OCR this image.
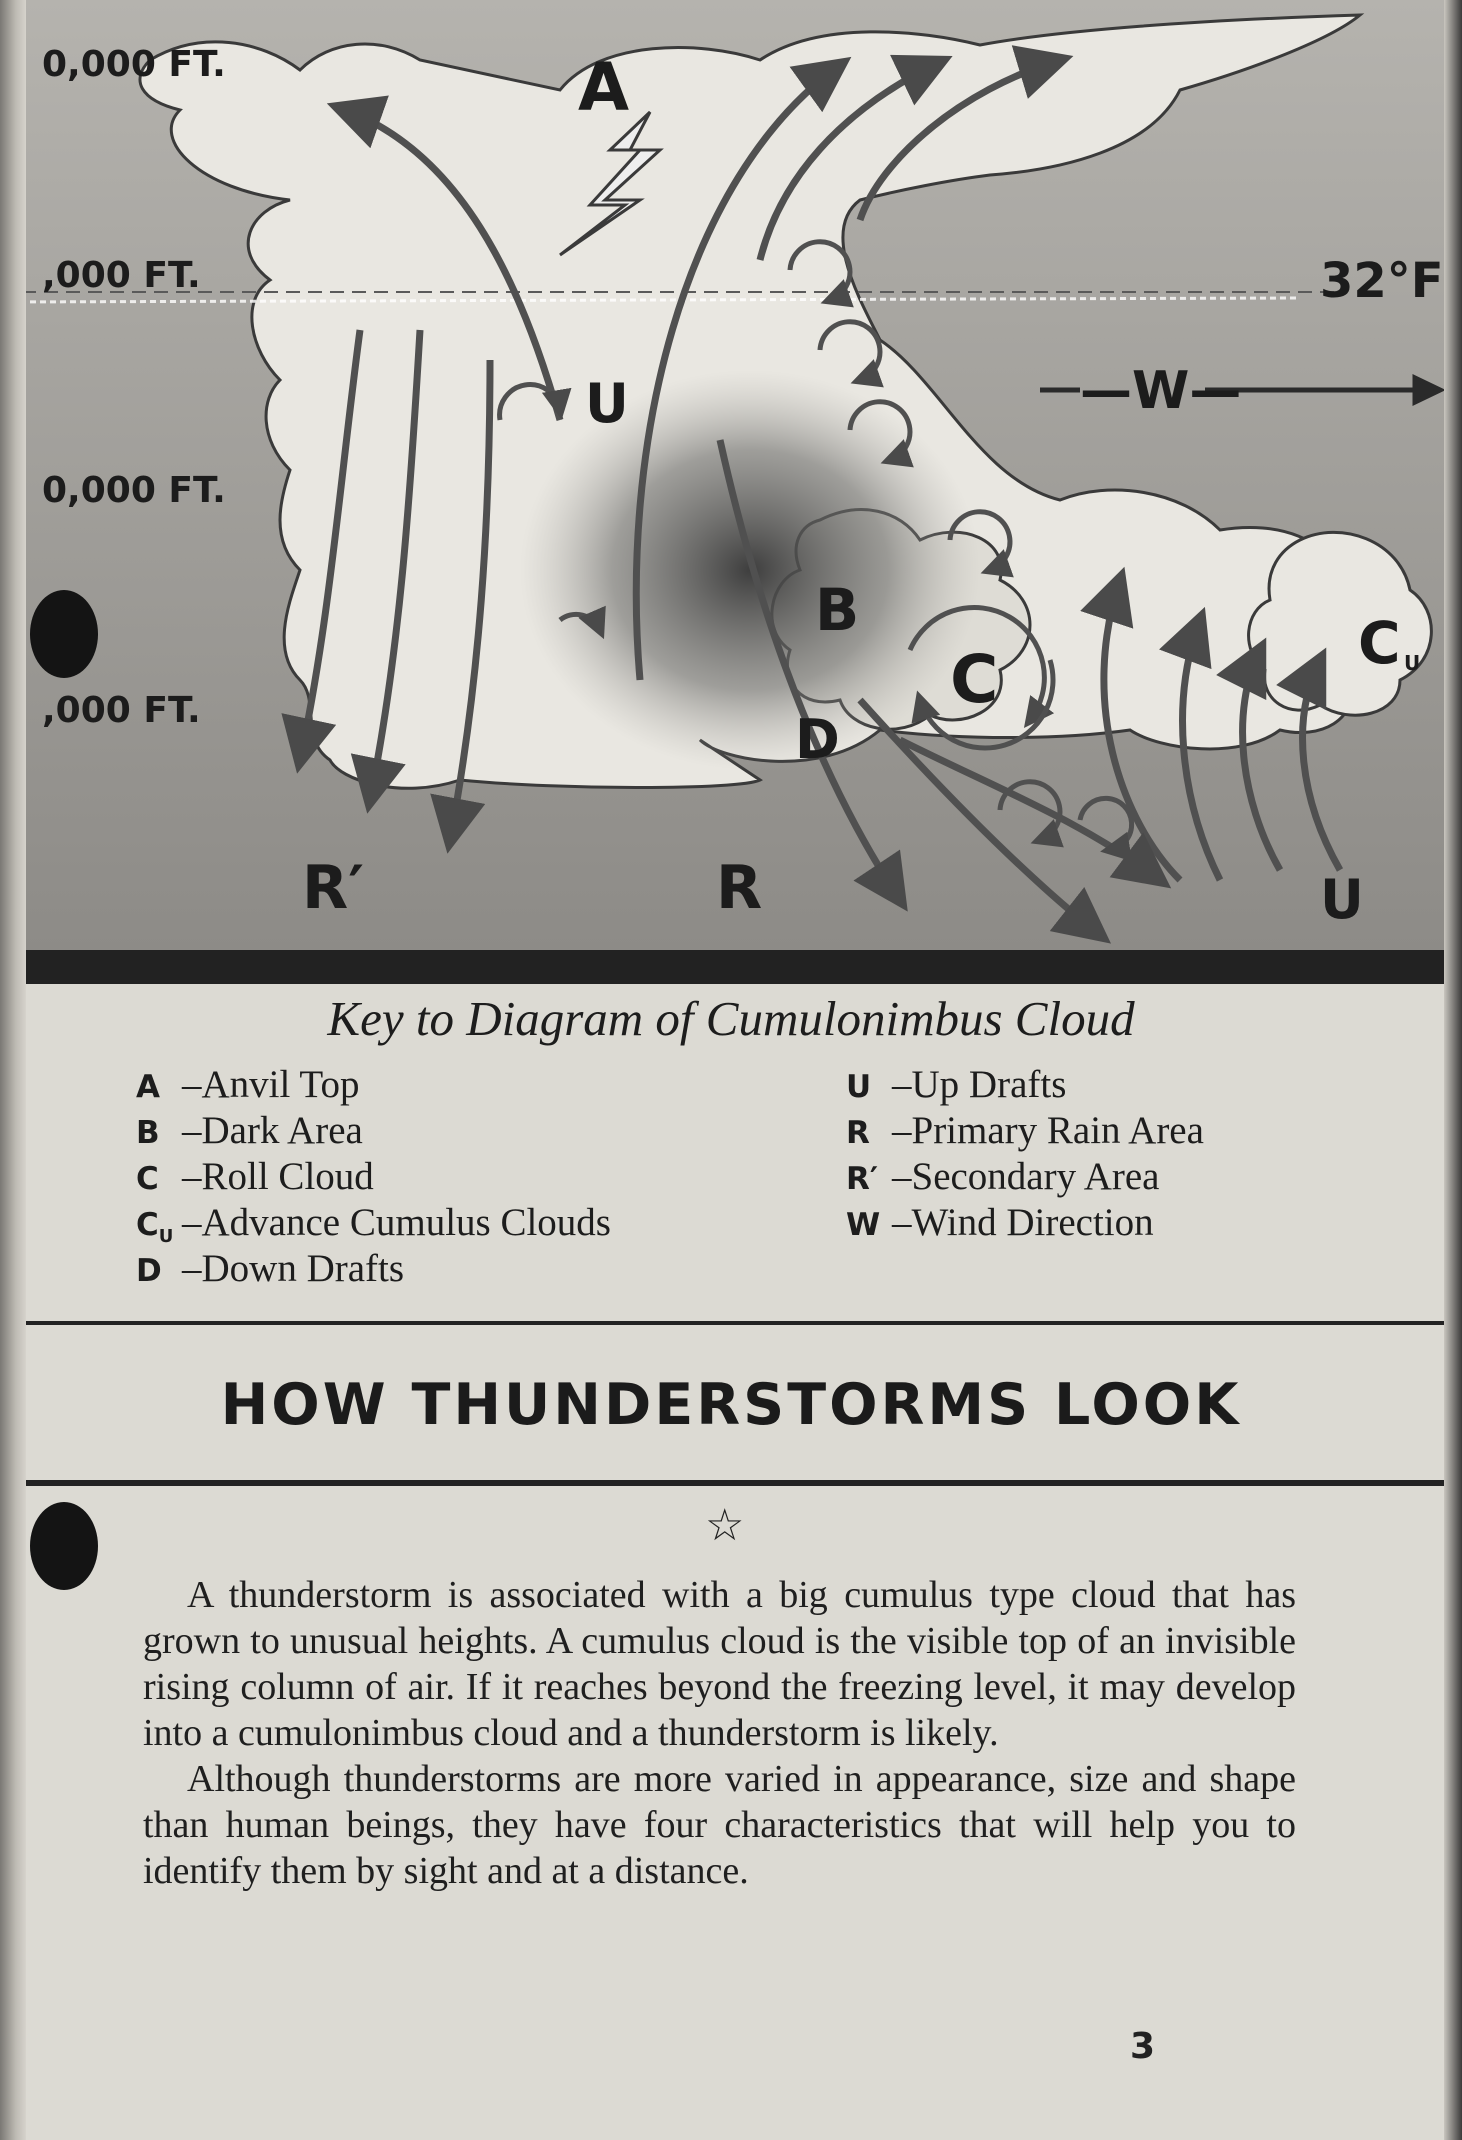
0,000 FT.
,000 FT.
0,000 FT.
,000 FT.
32°F
A
U
B
C	C U
D
R
R′	U
—W—
Key to Diagram of Cumulonimbus Cloud
A –Anvil Top
B –Dark Area
C –Roll Cloud
$C_U$ –Advance Cumulus Clouds
D –Down Drafts
U –Up Drafts
R –Primary Rain Area
R′ –Secondary Area
W –Wind Direction
HOW THUNDERSTORMS LOOK
☆

A thunderstorm is associated with a big cumulus type cloud that has grown to unusual heights. A cumulus cloud is the visible top of an invisible rising column of air. If it reaches beyond the freezing level, it may develop into a cumulonimbus cloud and a thunderstorm is likely.

Although thunderstorms are more varied in appearance, size and shape than human beings, they have four characteristics that will help you to identify them by sight and at a distance.

3
